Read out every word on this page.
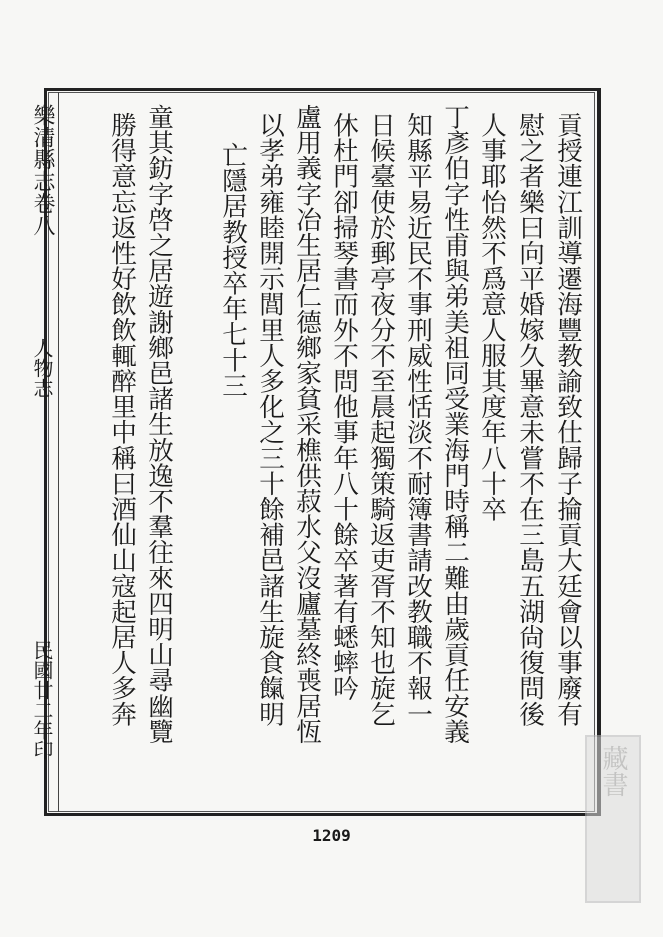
樂清縣志卷八
人物志
民國廿二年印	貢授連江訓導遷海豐教諭致仕歸子掄貢大廷會以事廢有
慰之者樂曰向平婚嫁久畢意未嘗不在三島五湖尙復問後
人事耶怡然不爲意人服其度年八十卒
丁彥伯字性甫與弟美祖同受業海門時稱二難由歲貢任安義
知縣平易近民不事刑威性恬淡不耐簿書請改教職不報一
日候臺使於郵亭夜分不至晨起獨策騎返吏胥不知也旋乞
休杜門卻掃琴書而外不問他事年八十餘卒著有蟋蟀吟
盧用義字冶生居仁德鄉家貧采樵供菽水父沒廬墓終喪居恆
以孝弟雍睦開示閭里人多化之三十餘補邑諸生旋食餼明
亡隱居教授卒年七十三
童其鈁字啓之居遊謝鄉邑諸生放逸不羣往來四明山尋幽覽
勝得意忘返性好飲飲輒醉里中稱曰酒仙山寇起居人多奔
1209
藏書
